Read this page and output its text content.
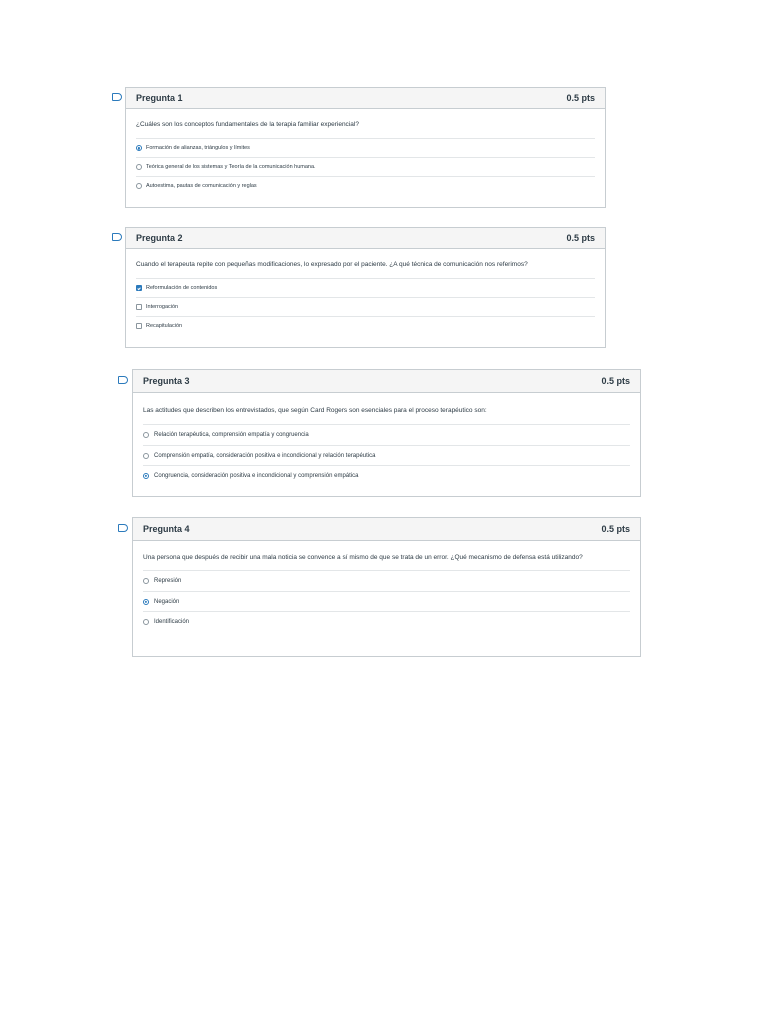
Pregunta 1	0.5 pts
¿Cuáles son los conceptos fundamentales de la terapia familiar experiencial?
Formación de alianzas, triángulos y límites
Teórica general de los sistemas y Teoría de la comunicación humana.
Autoestima, pautas de comunicación y reglas
Pregunta 2	0.5 pts
Cuando el terapeuta repite con pequeñas modificaciones, lo expresado por el paciente. ¿A qué técnica de comunicación nos referimos?
Reformulación de contenidos
Interrogación
Recapitulación
Pregunta 3	0.5 pts
Las actitudes que describen los entrevistados, que según Card Rogers son esenciales para el proceso terapéutico son:
Relación terapéutica, comprensión empatía y congruencia
Comprensión empatía, consideración positiva e incondicional y relación terapéutica
Congruencia, consideración positiva e incondicional y comprensión empática
Pregunta 4	0.5 pts
Una persona que después de recibir una mala noticia se convence a sí mismo de que se trata de un error. ¿Qué mecanismo de defensa está utilizando?
Represión
Negación
Identificación
